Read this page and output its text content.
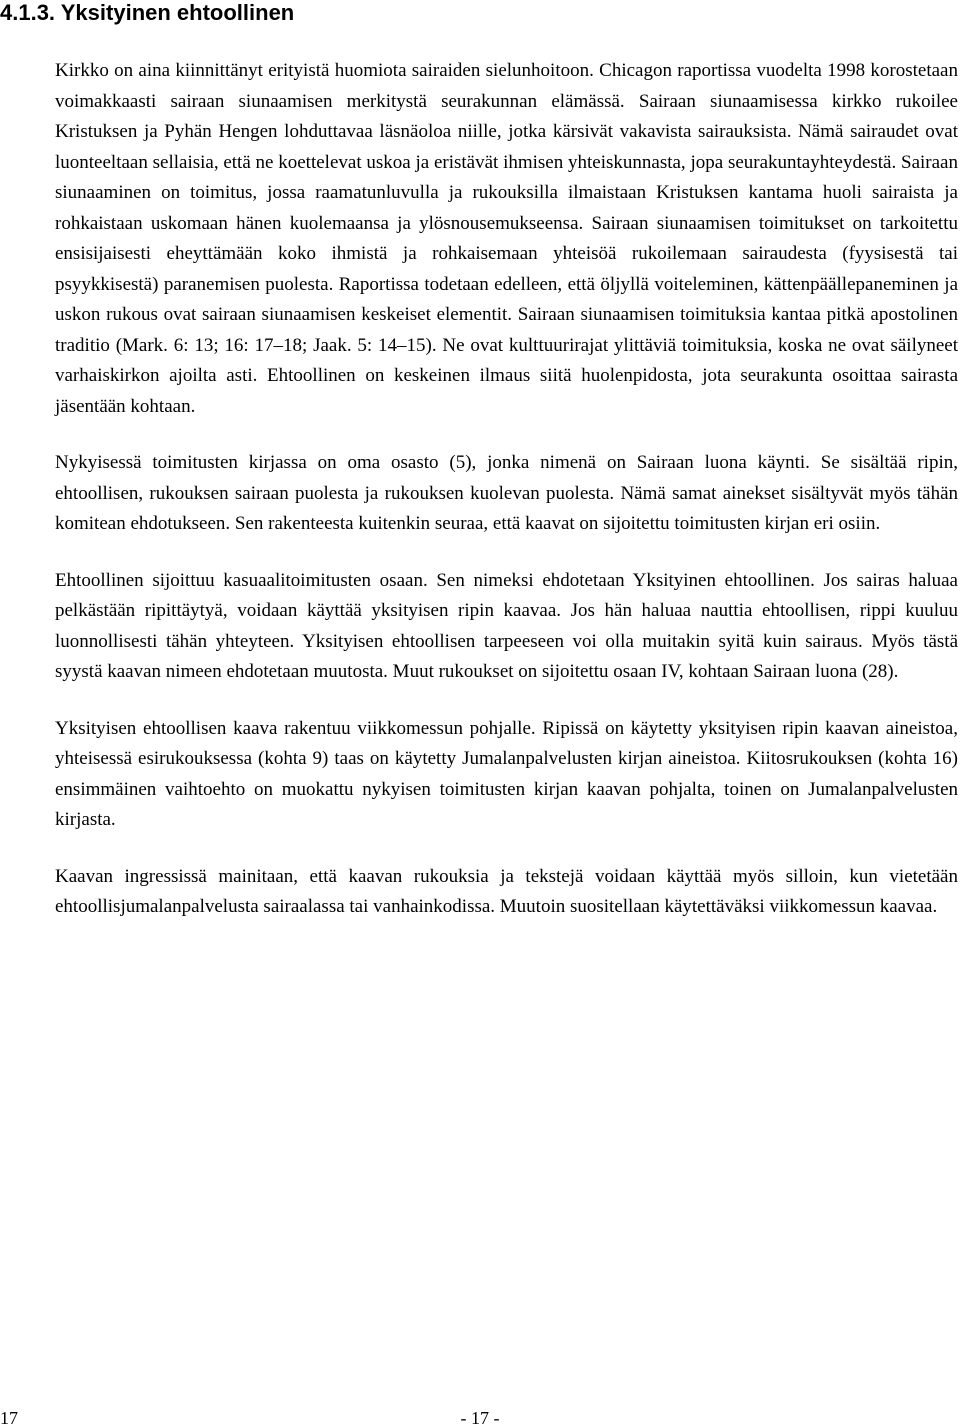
4.1.3. Yksityinen ehtoollinen

Kirkko on aina kiinnittänyt erityistä huomiota sairaiden sielunhoitoon. Chicagon raportissa vuodelta 1998 korostetaan voimakkaasti sairaan siunaamisen merkitystä seurakunnan elämässä. Sairaan siunaamisessa kirkko rukoilee Kristuksen ja Pyhän Hengen lohduttavaa läsnäoloa niille, jotka kärsivät vakavista sairauksista. Nämä sairaudet ovat luonteeltaan sellaisia, että ne koettelevat uskoa ja eristävät ihmisen yhteiskunnasta, jopa seurakuntayhteydestä. Sairaan siunaaminen on toimitus, jossa raamatunluvulla ja rukouksilla ilmaistaan Kristuksen kantama huoli sairaista ja rohkaistaan uskomaan hänen kuolemaansa ja ylösnousemukseensa. Sairaan siunaamisen toimitukset on tarkoitettu ensisijaisesti eheyttämään koko ihmistä ja rohkaisemaan yhteisöä rukoilemaan sairaudesta (fyysisestä tai psyykkisestä) paranemisen puolesta. Raportissa todetaan edelleen, että öljyllä voiteleminen, kättenpäällepaneminen ja uskon rukous ovat sairaan siunaamisen keskeiset elementit. Sairaan siunaamisen toimituksia kantaa pitkä apostolinen traditio (Mark. 6: 13; 16: 17–18; Jaak. 5: 14–15). Ne ovat kulttuurirajat ylittäviä toimituksia, koska ne ovat säilyneet varhaiskirkon ajoilta asti. Ehtoollinen on keskeinen ilmaus siitä huolenpidosta, jota seurakunta osoittaa sairasta jäsentään kohtaan.

Nykyisessä toimitusten kirjassa on oma osasto (5), jonka nimenä on Sairaan luona käynti. Se sisältää ripin, ehtoollisen, rukouksen sairaan puolesta ja rukouksen kuolevan puolesta. Nämä samat ainekset sisältyvät myös tähän komitean ehdotukseen. Sen rakenteesta kuitenkin seuraa, että kaavat on sijoitettu toimitusten kirjan eri osiin.

Ehtoollinen sijoittuu kasuaalitoimitusten osaan. Sen nimeksi ehdotetaan Yksityinen ehtoollinen. Jos sairas haluaa pelkästään ripittäytyä, voidaan käyttää yksityisen ripin kaavaa. Jos hän haluaa nauttia ehtoollisen, rippi kuuluu luonnollisesti tähän yhteyteen. Yksityisen ehtoollisen tarpeeseen voi olla muitakin syitä kuin sairaus. Myös tästä syystä kaavan nimeen ehdotetaan muutosta. Muut rukoukset on sijoitettu osaan IV, kohtaan Sairaan luona (28).

Yksityisen ehtoollisen kaava rakentuu viikkomessun pohjalle. Ripissä on käytetty yksityisen ripin kaavan aineistoa, yhteisessä esirukouksessa (kohta 9) taas on käytetty Jumalanpalvelusten kirjan aineistoa. Kiitosrukouksen (kohta 16) ensimmäinen vaihtoehto on muokattu nykyisen toimitusten kirjan kaavan pohjalta, toinen on Jumalanpalvelusten kirjasta.

Kaavan ingressissä mainitaan, että kaavan rukouksia ja tekstejä voidaan käyttää myös silloin, kun vietetään ehtoollisjumalanpalvelusta sairaalassa tai vanhainkodissa. Muutoin suositellaan käytettäväksi viikkomessun kaavaa.

17	- 17 -
